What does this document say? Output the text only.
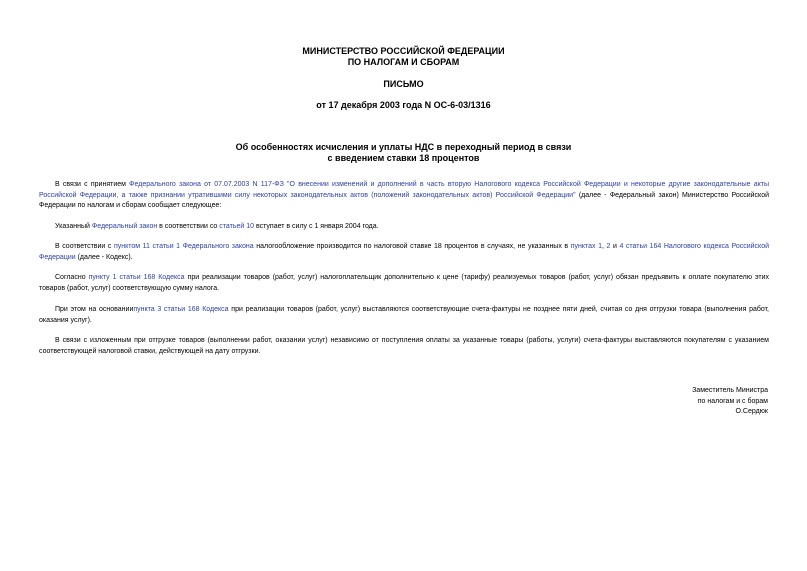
МИНИСТЕРСТВО РОССИЙСКОЙ ФЕДЕРАЦИИ
ПО НАЛОГАМ И СБОРАМ
ПИСЬМО
от 17 декабря 2003 года N ОС-6-03/1316
Об особенностях исчисления и уплаты НДС в переходный период в связи
с введением ставки 18 процентов

В связи с принятием Федерального закона от 07.07.2003 N 117-ФЗ "О внесении изменений и дополнений в часть вторую Налогового кодекса Российской Федерации и некоторые другие законодательные акты Российской Федерации, а также признании утратившими силу некоторых законодательных актов (положений законодательных актов) Российской Федерации" (далее - Федеральный закон) Министерство Российской Федерации по налогам и сборам сообщает следующее:

Указанный Федеральный закон в соответствии со статьей 10 вступает в силу с 1 января 2004 года.

В соответствии с пунктом 11 статьи 1 Федерального закона налогообложение производится по налоговой ставке 18 процентов в случаях, не указанных в пунктах 1, 2 и 4 статьи 164 Налогового кодекса Российской Федерации (далее - Кодекс).

Согласно пункту 1 статьи 168 Кодекса при реализации товаров (работ, услуг) налогоплательщик дополнительно к цене (тарифу) реализуемых товаров (работ, услуг) обязан предъявить к оплате покупателю этих товаров (работ, услуг) соответствующую сумму налога.

При этом на основаниипункта 3 статьи 168 Кодекса при реализации товаров (работ, услуг) выставляются соответствующие счета-фактуры не позднее пяти дней, считая со дня отгрузки товара (выполнения работ, оказания услуг).

В связи с изложенным при отгрузке товаров (выполнении работ, оказании услуг) независимо от поступления оплаты за указанные товары (работы, услуги) счета-фактуры выставляются покупателям с указанием соответствующей налоговой ставки, действующей на дату отгрузки.

Заместитель Министра
по налогам и с борам
О.Сердюк
